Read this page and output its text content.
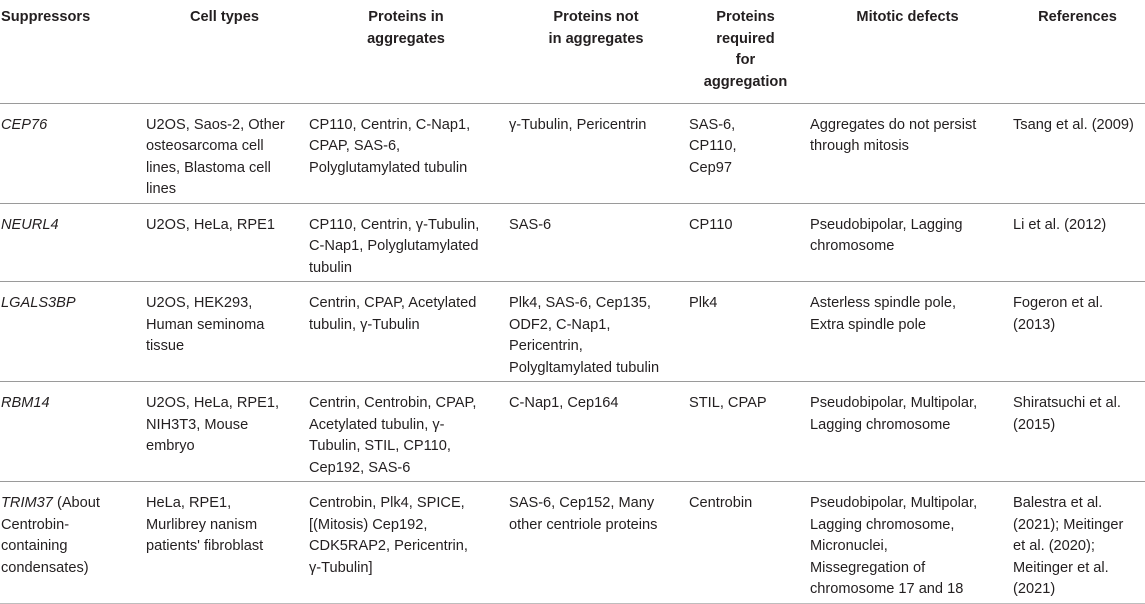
Suppressors	Cell types	Proteins in
aggregates	Proteins not
in aggregates	Proteins
required
for
aggregation	Mitotic defects	References

CEP76	U2OS, Saos-2, Other
osteosarcoma cell
lines, Blastoma cell
lines	CP110, Centrin, C-Nap1,
CPAP, SAS-6,
Polyglutamylated tubulin	γ-Tubulin, Pericentrin	SAS-6,
CP110,
Cep97	Aggregates do not persist
through mitosis	Tsang et al. (2009)

NEURL4	U2OS, HeLa, RPE1	CP110, Centrin, γ-Tubulin,
C-Nap1, Polyglutamylated
tubulin	SAS-6	CP110	Pseudobipolar, Lagging
chromosome	Li et al. (2012)

LGALS3BP	U2OS, HEK293,
Human seminoma
tissue	Centrin, CPAP, Acetylated
tubulin, γ-Tubulin	Plk4, SAS-6, Cep135,
ODF2, C-Nap1,
Pericentrin,
Polygltamylated tubulin	Plk4	Asterless spindle pole,
Extra spindle pole	Fogeron et al.
(2013)

RBM14	U2OS, HeLa, RPE1,
NIH3T3, Mouse
embryo	Centrin, Centrobin, CPAP,
Acetylated tubulin, γ-
Tubulin, STIL, CP110,
Cep192, SAS-6	C-Nap1, Cep164	STIL, CPAP	Pseudobipolar, Multipolar,
Lagging chromosome	Shiratsuchi et al.
(2015)

TRIM37 (About
Centrobin-
containing
condensates)	HeLa, RPE1,
Murlibrey nanism
patients' fibroblast	Centrobin, Plk4, SPICE,
[(Mitosis) Cep192,
CDK5RAP2, Pericentrin,
γ-Tubulin]	SAS-6, Cep152, Many
other centriole proteins	Centrobin	Pseudobipolar, Multipolar,
Lagging chromosome,
Micronuclei,
Missegregation of
chromosome 17 and 18	Balestra et al.
(2021); Meitinger
et al. (2020);
Meitinger et al.
(2021)
